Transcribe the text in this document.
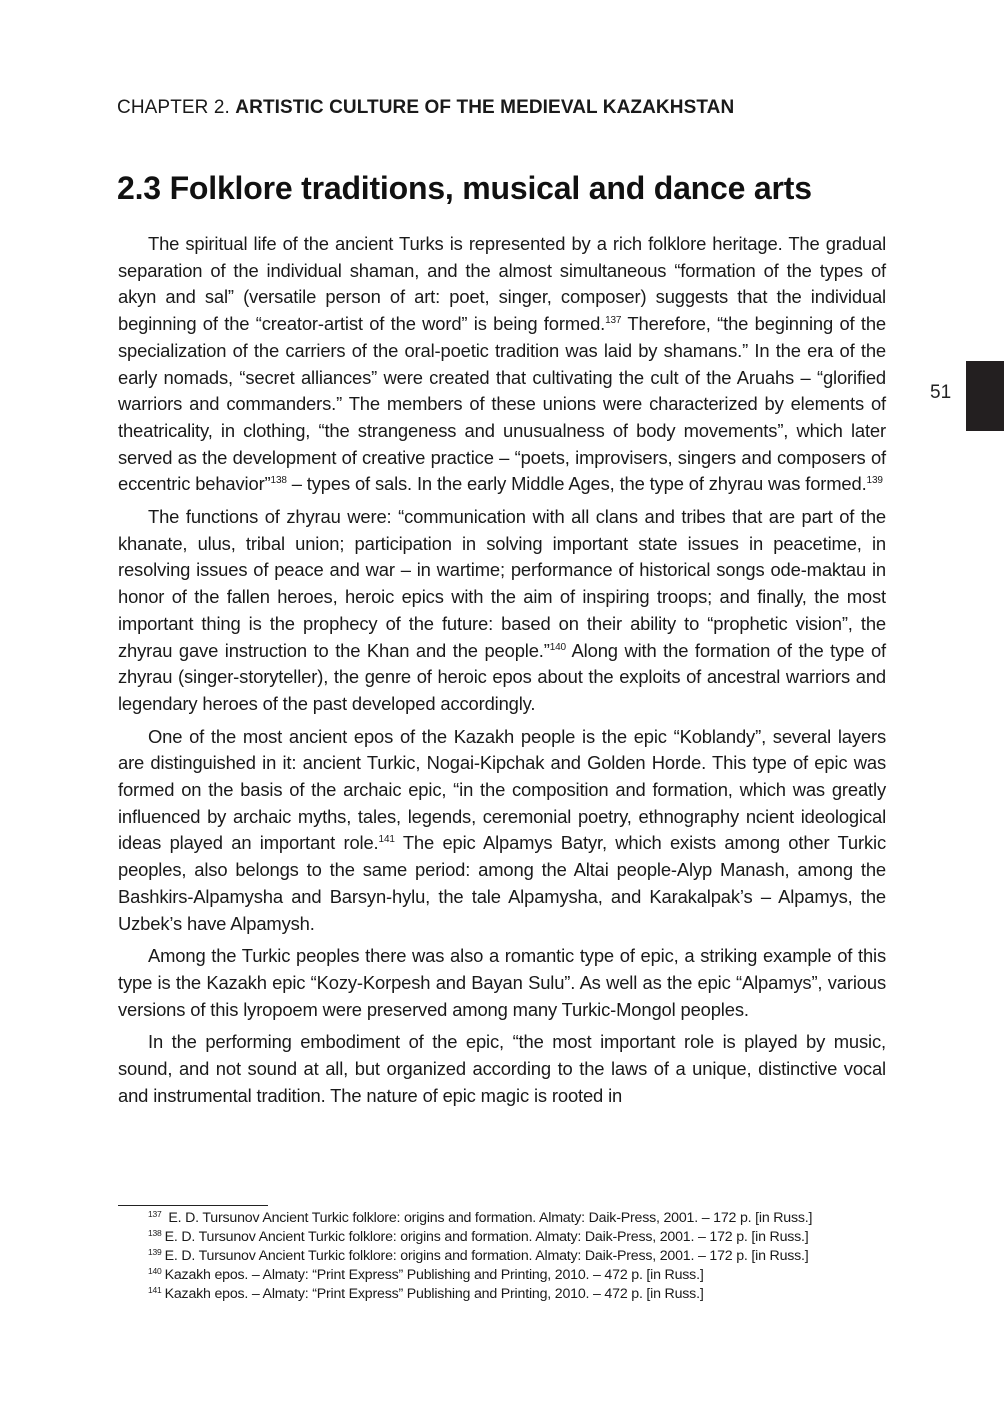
CHAPTER 2. ARTISTIC CULTURE OF THE MEDIEVAL KAZAKHSTAN
2.3 Folklore traditions, musical and dance arts

The spiritual life of the ancient Turks is represented by a rich folklore heritage. The gradual separation of the individual shaman, and the almost simultaneous “formation of the types of akyn and sal” (versatile person of art: poet, singer, composer) suggests that the individual beginning of the “creator-artist of the word” is being formed.$^{137}$ Therefore, “the beginning of the specialization of the carriers of the oral-poetic tradition was laid by shamans.” In the era of the early nomads, “secret alliances” were created that cultivating the cult of the Aruahs – “glorified warriors and commanders.” The members of these unions were characterized by elements of theatricality, in clothing, “the strangeness and unusualness of body movements”, which later served as the development of creative practice – “poets, improvisers, singers and composers of eccentric behavior”$^{138}$ – types of sals. In the early Middle Ages, the type of zhyrau was formed.$^{139}$

The functions of zhyrau were: “communication with all clans and tribes that are part of the khanate, ulus, tribal union; participation in solving important state issues in peacetime, in resolving issues of peace and war – in wartime; performance of historical songs ode-maktau in honor of the fallen heroes, heroic epics with the aim of inspiring troops; and finally, the most important thing is the prophecy of the future: based on their ability to “prophetic vision”, the zhyrau gave instruction to the Khan and the people.”$^{140}$ Along with the formation of the type of zhyrau (singer-storyteller), the genre of heroic epos about the exploits of ancestral warriors and legendary heroes of the past developed accordingly.

One of the most ancient epos of the Kazakh people is the epic “Koblandy”, several layers are distinguished in it: ancient Turkic, Nogai-Kipchak and Golden Horde. This type of epic was formed on the basis of the archaic epic, “in the composition and formation, which was greatly influenced by archaic myths, tales, legends, ceremonial poetry, ethnography ncient ideological ideas played an important role.$^{141}$ The epic Alpamys Batyr, which exists among other Turkic peoples, also belongs to the same period: among the Altai people-Alyp Manash, among the Bashkirs-Alpamysha and Barsyn-hylu, the tale Alpamysha, and Karakalpak’s – Alpamys, the Uzbek’s have Alpamysh.

Among the Turkic peoples there was also a romantic type of epic, a striking example of this type is the Kazakh epic “Kozy-Korpesh and Bayan Sulu”. As well as the epic “Alpamys”, various versions of this lyropoem were preserved among many Turkic-Mongol peoples.

In the performing embodiment of the epic, “the most important role is played by music, sound, and not sound at all, but organized according to the laws of a unique, distinctive vocal and instrumental tradition. The nature of epic magic is rooted in

$^{137}$ E. D. Tursunov Ancient Turkic folklore: origins and formation. Almaty: Daik-Press, 2001. – 172 p. [in Russ.]
$^{138}$ E. D. Tursunov Ancient Turkic folklore: origins and formation. Almaty: Daik-Press, 2001. – 172 p. [in Russ.]
$^{139}$ E. D. Tursunov Ancient Turkic folklore: origins and formation. Almaty: Daik-Press, 2001. – 172 p. [in Russ.]
$^{140}$ Kazakh epos. – Almaty: “Print Express” Publishing and Printing, 2010. – 472 p. [in Russ.]
$^{141}$ Kazakh epos. – Almaty: “Print Express” Publishing and Printing, 2010. – 472 p. [in Russ.]
51
